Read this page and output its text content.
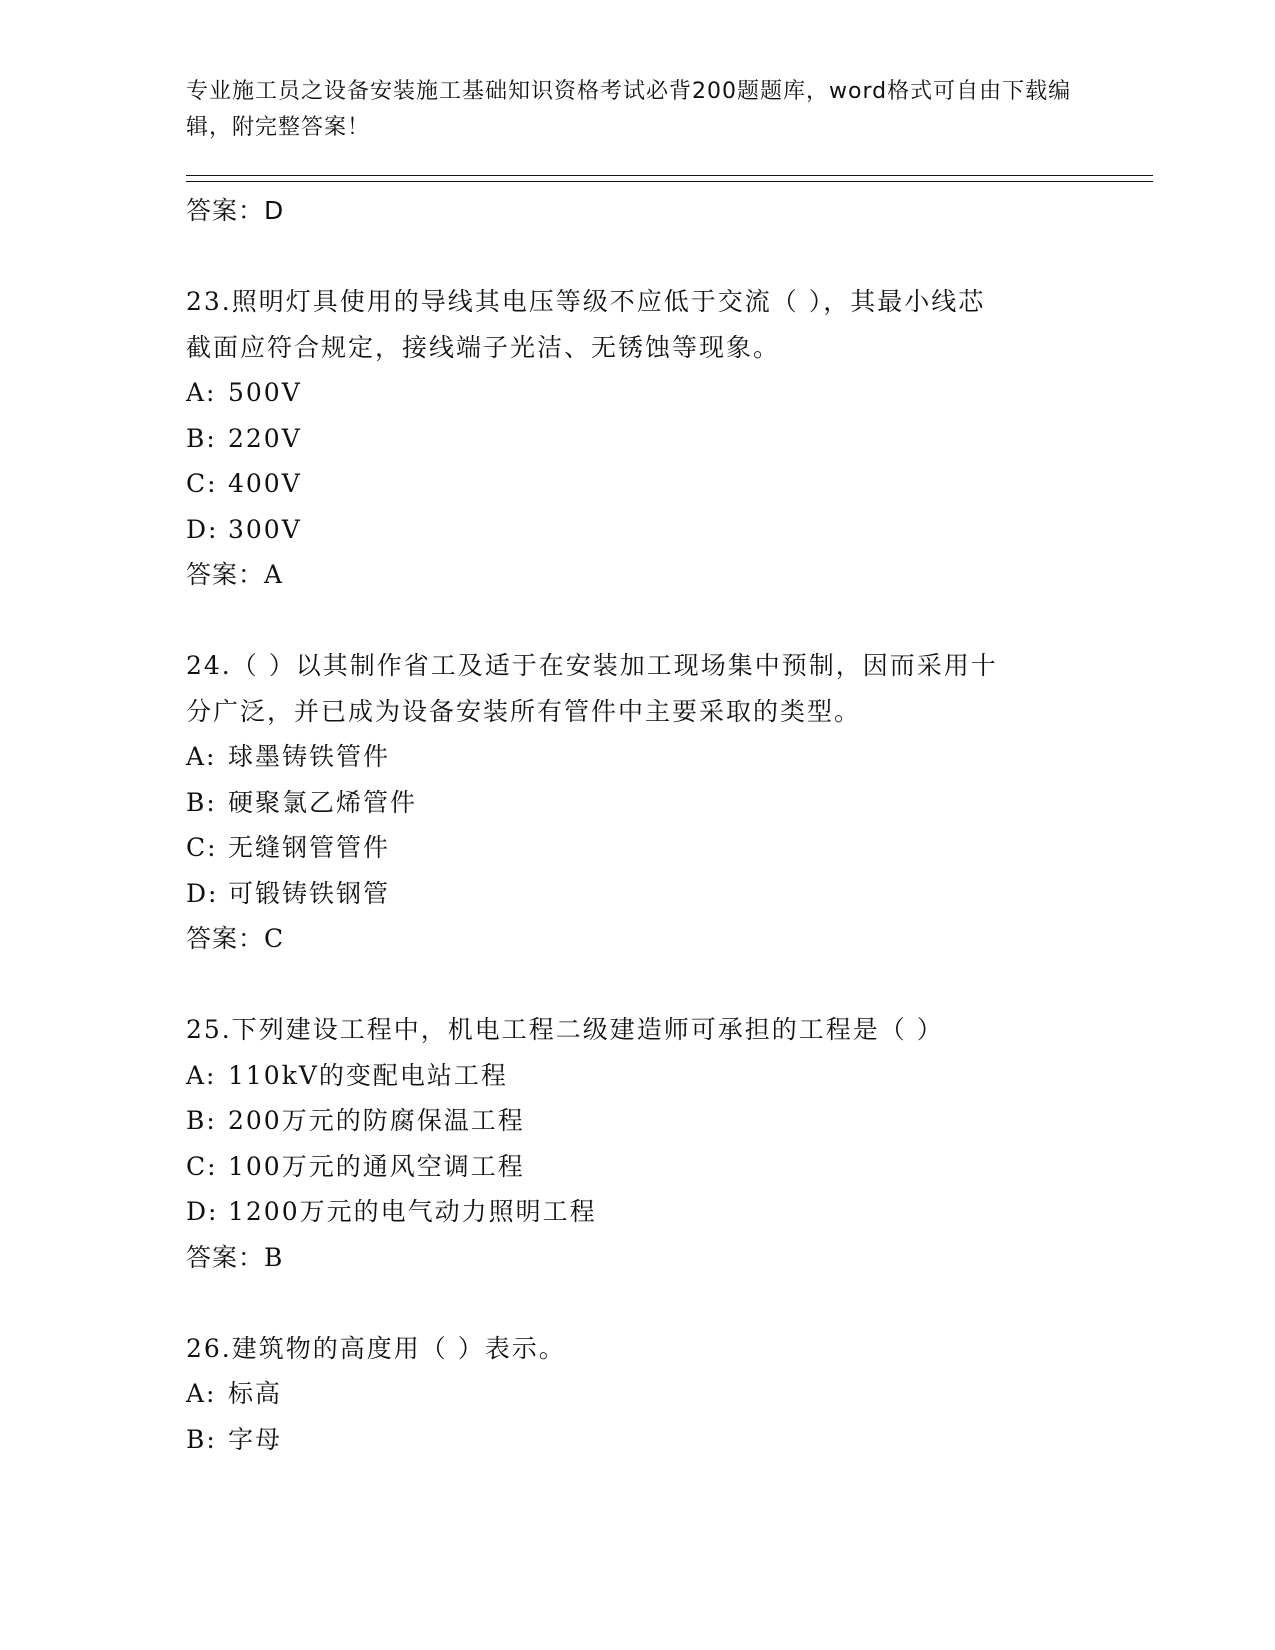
专业施工员之设备安装施工基础知识资格考试必背200题题库，word格式可自由下载编辑，附完整答案！

答案：D
23.照明灯具使用的导线其电压等级不应低于交流（ ），其最小线芯
截面应符合规定，接线端子光洁、无锈蚀等现象。
A: 500V
B: 220V
C: 400V
D: 300V
答案：A
24.（ ）以其制作省工及适于在安装加工现场集中预制，因而采用十
分广泛，并已成为设备安装所有管件中主要采取的类型。
A: 球墨铸铁管件
B: 硬聚氯乙烯管件
C: 无缝钢管管件
D: 可锻铸铁钢管
答案：C
25.下列建设工程中，机电工程二级建造师可承担的工程是（ ）
A: 110kV的变配电站工程
B: 200万元的防腐保温工程
C: 100万元的通风空调工程
D: 1200万元的电气动力照明工程
答案：B
26.建筑物的高度用（ ）表示。
A: 标高
B: 字母
